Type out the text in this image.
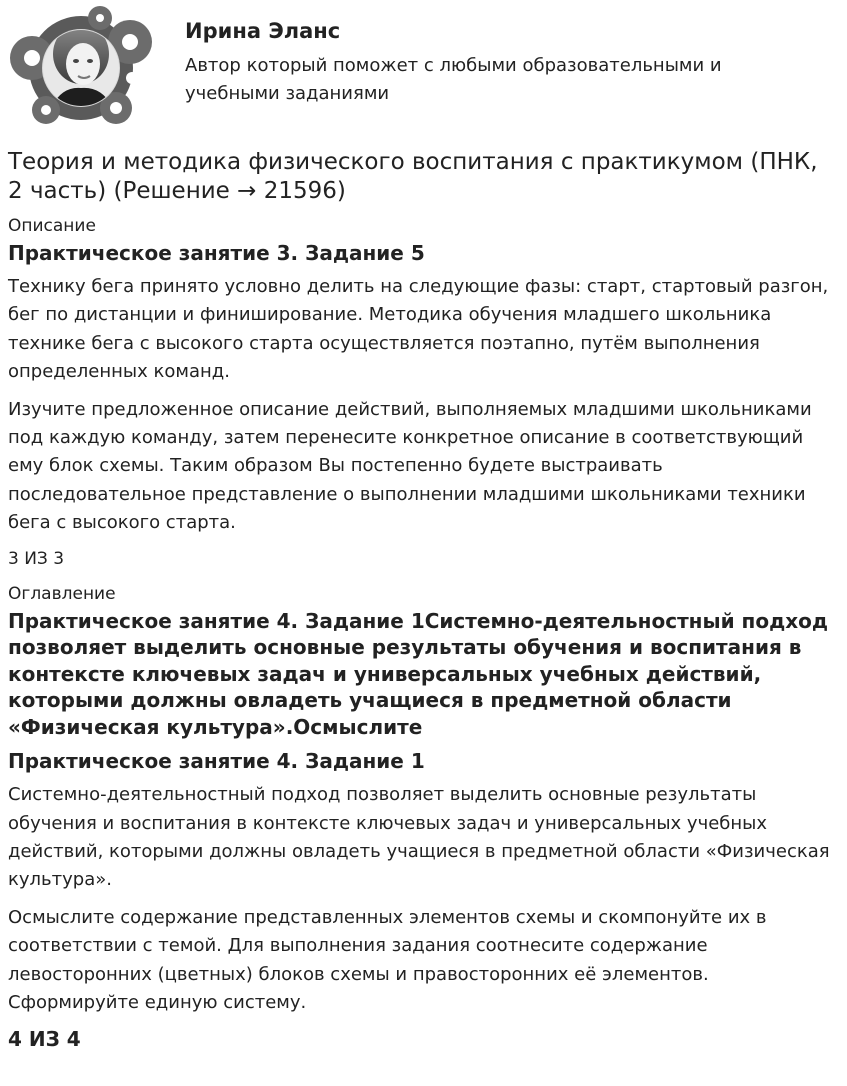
Ирина Эланс
Автор который поможет с любыми образовательными и учебными заданиями
Теория и методика физического воспитания с практикумом (ПНК, 2 часть) (Решение → 21596)
Описание
Практическое занятие 3. Задание 5

Технику бега принято условно делить на следующие фазы: старт, стартовый разгон, бег по дистанции и финиширование. Методика обучения младшего школьника технике бега с высокого старта осуществляется поэтапно, путём выполнения определенных команд.

Изучите предложенное описание действий, выполняемых младшими школьниками под каждую команду, затем перенесите конкретное описание в соответствующий ему блок схемы. Таким образом Вы постепенно будете выстраивать последовательное представление о выполнении младшими школьниками техники бега с высокого старта.

3 ИЗ 3
Оглавление
Практическое занятие 4. Задание 1Системно-деятельностный подход позволяет выделить основные результаты обучения и воспитания в контексте ключевых задач и универсальных учебных действий, которыми должны овладеть учащиеся в предметной области «Физическая культура».Осмыслите
Практическое занятие 4. Задание 1

Системно-деятельностный подход позволяет выделить основные результаты обучения и воспитания в контексте ключевых задач и универсальных учебных действий, которыми должны овладеть учащиеся в предметной области «Физическая культура».

Осмыслите содержание представленных элементов схемы и скомпонуйте их в соответствии с темой. Для выполнения задания соотнесите содержание левосторонних (цветных) блоков схемы и правосторонних её элементов. Сформируйте единую систему.

4 ИЗ 4
